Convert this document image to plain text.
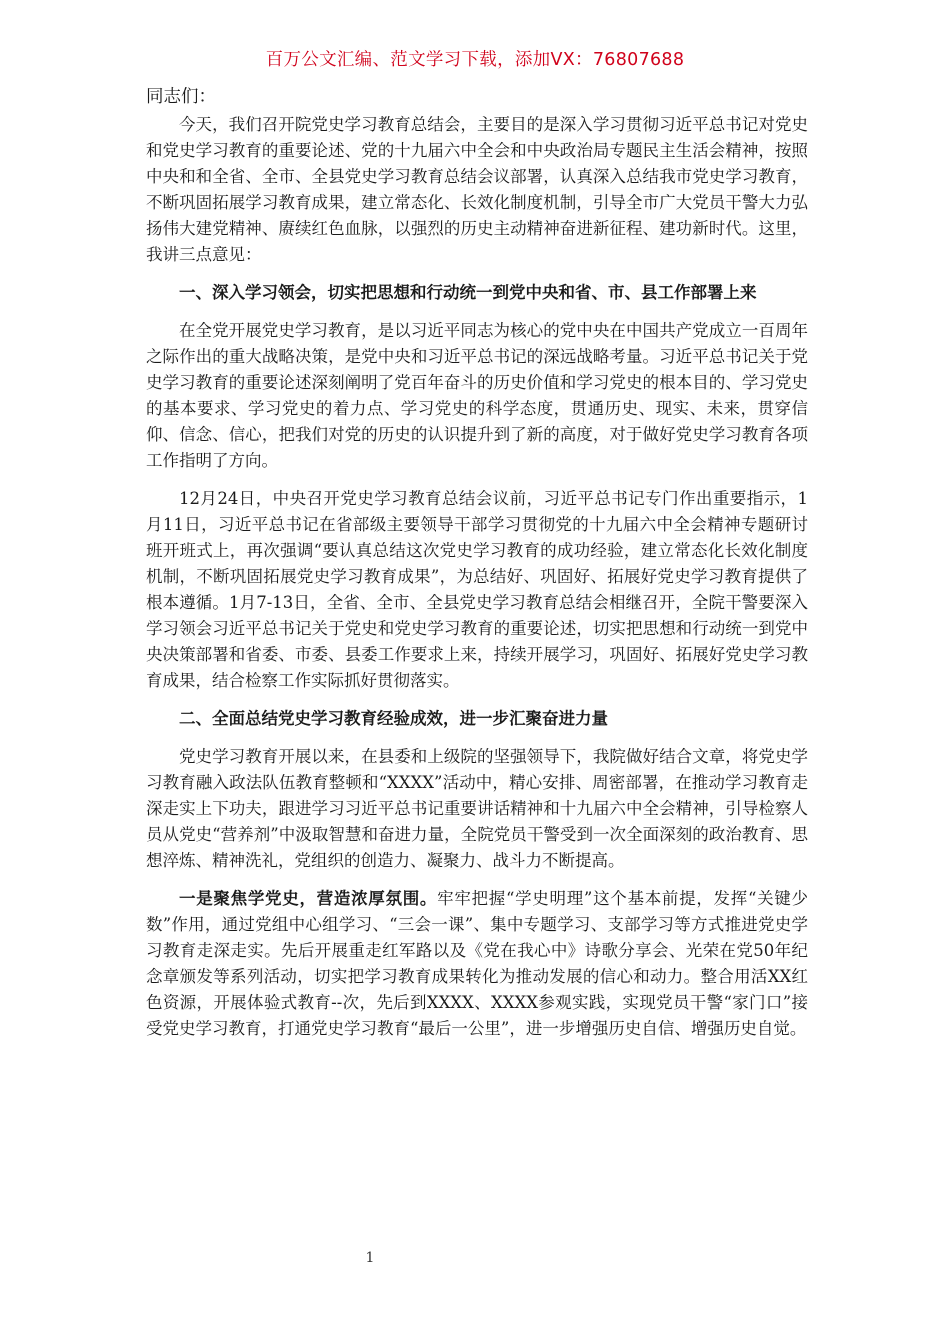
百万公文汇编、范文学习下载，添加VX：76807688
同志们：

今天，我们召开院党史学习教育总结会，主要目的是深入学习贯彻习近平总书记对党史和党史学习教育的重要论述、党的十九届六中全会和中央政治局专题民主生活会精神，按照中央和和全省、全市、全县党史学习教育总结会议部署，认真深入总结我市党史学习教育，不断巩固拓展学习教育成果，建立常态化、长效化制度机制，引导全市广大党员干警大力弘扬伟大建党精神、赓续红色血脉，以强烈的历史主动精神奋进新征程、建功新时代。这里，我讲三点意见：

一、深入学习领会，切实把思想和行动统一到党中央和省、市、县工作部署上来

在全党开展党史学习教育，是以习近平同志为核心的党中央在中国共产党成立一百周年之际作出的重大战略决策，是党中央和习近平总书记的深远战略考量。习近平总书记关于党史学习教育的重要论述深刻阐明了党百年奋斗的历史价值和学习党史的根本目的、学习党史的基本要求、学习党史的着力点、学习党史的科学态度，贯通历史、现实、未来，贯穿信仰、信念、信心，把我们对党的历史的认识提升到了新的高度，对于做好党史学习教育各项工作指明了方向。

12月24日，中央召开党史学习教育总结会议前，习近平总书记专门作出重要指示，1月11日，习近平总书记在省部级主要领导干部学习贯彻党的十九届六中全会精神专题研讨班开班式上，再次强调“要认真总结这次党史学习教育的成功经验，建立常态化长效化制度机制，不断巩固拓展党史学习教育成果”，为总结好、巩固好、拓展好党史学习教育提供了根本遵循。1月7-13日，全省、全市、全县党史学习教育总结会相继召开，全院干警要深入学习领会习近平总书记关于党史和党史学习教育的重要论述，切实把思想和行动统一到党中央决策部署和省委、市委、县委工作要求上来，持续开展学习，巩固好、拓展好党史学习教育成果，结合检察工作实际抓好贯彻落实。

二、全面总结党史学习教育经验成效，进一步汇聚奋进力量

党史学习教育开展以来，在县委和上级院的坚强领导下，我院做好结合文章，将党史学习教育融入政法队伍教育整顿和“XXXX”活动中，精心安排、周密部署，在推动学习教育走深走实上下功夫，跟进学习习近平总书记重要讲话精神和十九届六中全会精神，引导检察人员从党史“营养剂”中汲取智慧和奋进力量，全院党员干警受到一次全面深刻的政治教育、思想淬炼、精神洗礼，党组织的创造力、凝聚力、战斗力不断提高。

一是聚焦学党史，营造浓厚氛围。牢牢把握“学史明理”这个基本前提，发挥“关键少数”作用，通过党组中心组学习、“三会一课”、集中专题学习、支部学习等方式推进党史学习教育走深走实。先后开展重走红军路以及《党在我心中》诗歌分享会、光荣在党50年纪念章颁发等系列活动，切实把学习教育成果转化为推动发展的信心和动力。整合用活XX红色资源，开展体验式教育--次，先后到XXXX、XXXX参观实践，实现党员干警“家门口”接受党史学习教育，打通党史学习教育“最后一公里”，进一步增强历史自信、增强历史自觉。

1
